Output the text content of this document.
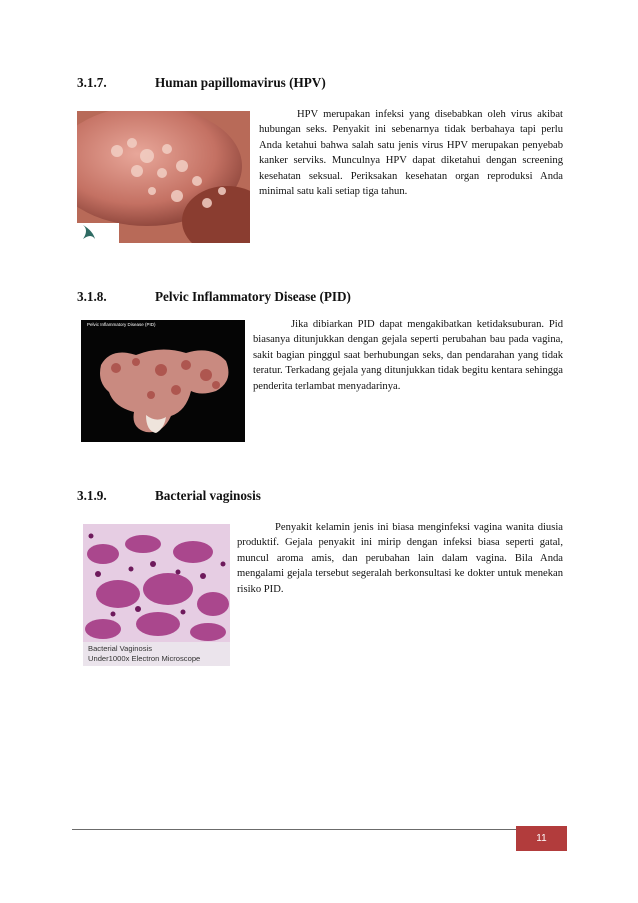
3.1.7.	Human papillomavirus (HPV)

HPV merupakan infeksi yang disebabkan oleh virus akibat hubungan seks. Penyakit ini sebenarnya tidak berbahaya tapi perlu Anda ketahui bahwa salah satu jenis virus HPV merupakan penyebab kanker serviks. Munculnya HPV dapat diketahui dengan screening kesehatan seksual. Periksakan kesehatan organ reproduksi Anda minimal satu kali setiap tiga tahun.

3.1.8.	Pelvic Inflammatory Disease (PID)
Pelvic Inflammatory Disease (PID)	Jika dibiarkan PID dapat mengakibatkan ketidaksuburan. Pid biasanya ditunjukkan dengan gejala seperti perubahan bau pada vagina, sakit bagian pinggul saat berhubungan seks, dan pendarahan yang tidak teratur. Terkadang gejala yang ditunjukkan tidak begitu kentara sehingga penderita terlambat menyadarinya.

3.1.9.	Bacterial vaginosis
Bacterial Vaginosis
Under1000x Electron Microscope

Penyakit kelamin jenis ini biasa menginfeksi vagina wanita diusia produktif. Gejala penyakit ini mirip dengan infeksi biasa seperti gatal, muncul aroma amis, dan perubahan lain dalam vagina. Bila Anda mengalami gejala tersebut segeralah berkonsultasi ke dokter untuk menekan risiko PID.

11
